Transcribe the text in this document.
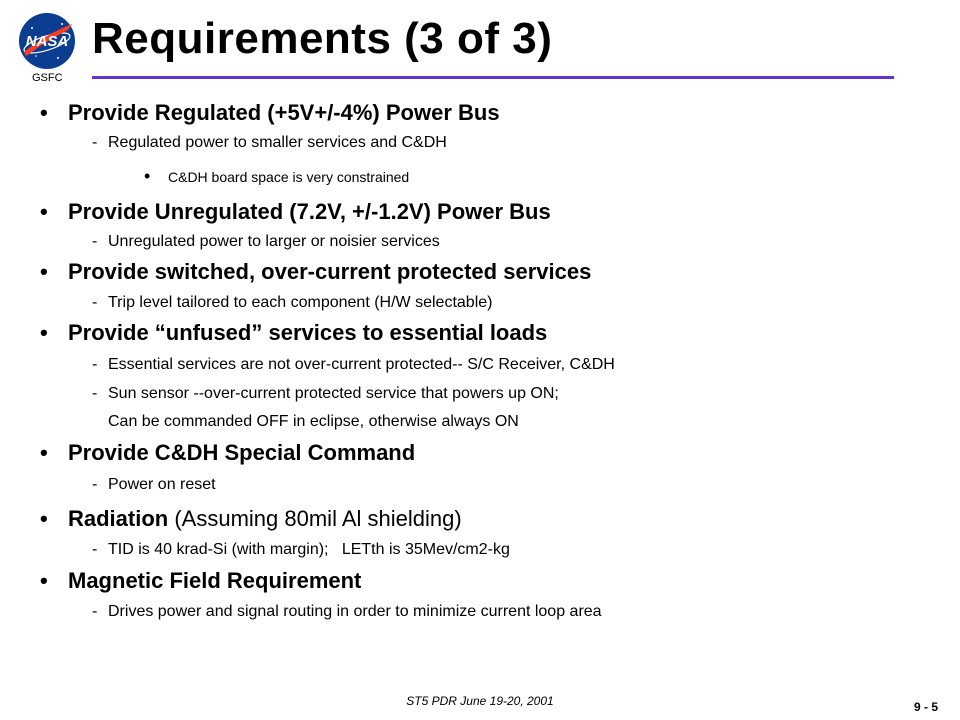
NASA
GSFC
Requirements (3 of 3)
• Provide Regulated (+5V+/-4%) Power Bus
- Regulated power to smaller services and C&DH
• C&DH board space is very constrained
• Provide Unregulated (7.2V, +/-1.2V) Power Bus
- Unregulated power to larger or noisier services
• Provide switched, over-current protected services
- Trip level tailored to each component (H/W selectable)
• Provide “unfused” services to essential loads
- Essential services are not over-current protected-- S/C Receiver, C&DH
- Sun sensor --over-current protected service that powers up ON;
Can be commanded OFF in eclipse, otherwise always ON
• Provide C&DH Special Command
- Power on reset
• Radiation (Assuming 80mil Al shielding)
- TID is 40 krad-Si (with margin);   LETth is 35Mev/cm2-kg
• Magnetic Field Requirement
- Drives power and signal routing in order to minimize current loop area
ST5 PDR June 19-20, 2001	9 - 5
